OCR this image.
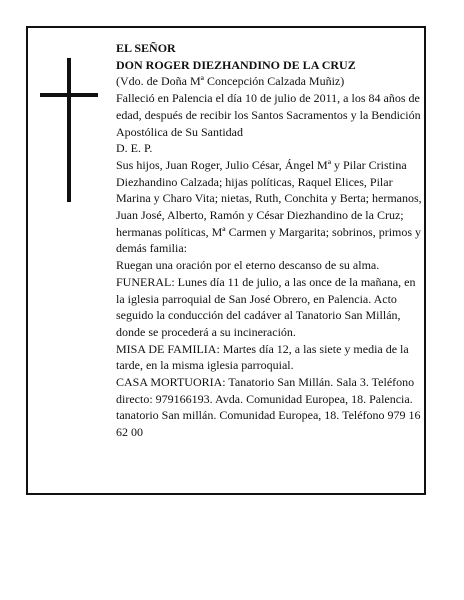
EL SEÑOR

DON ROGER DIEZHANDINO DE LA CRUZ

(Vdo. de Doña Mª Concepción Calzada Muñiz)

Falleció en Palencia el día 10 de julio de 2011, a los 84 años de edad, después de recibir los Santos Sacramentos y la Bendición Apostólica de Su Santidad

D. E. P.

Sus hijos, Juan Roger, Julio César, Ángel Mª y Pilar Cristina Diezhandino Calzada; hijas políticas, Raquel Elices, Pilar Marina y Charo Vita; nietas, Ruth, Conchita y Berta; hermanos, Juan José, Alberto, Ramón y César Diezhandino de la Cruz; hermanas políticas, Mª Carmen y Margarita; sobrinos, primos y demás familia:

Ruegan una oración por el eterno descanso de su alma.

FUNERAL: Lunes día 11 de julio, a las once de la mañana, en la iglesia parroquial de San José Obrero, en Palencia. Acto seguido la conducción del cadáver al Tanatorio San Millán, donde se procederá a su incineración.

MISA DE FAMILIA: Martes día 12, a las siete y media de la tarde, en la misma iglesia parroquial.

CASA MORTUORIA: Tanatorio San Millán. Sala 3. Teléfono directo: 979166193. Avda. Comunidad Europea, 18. Palencia.

tanatorio San millán. Comunidad Europea, 18. Teléfono 979 16 62 00
